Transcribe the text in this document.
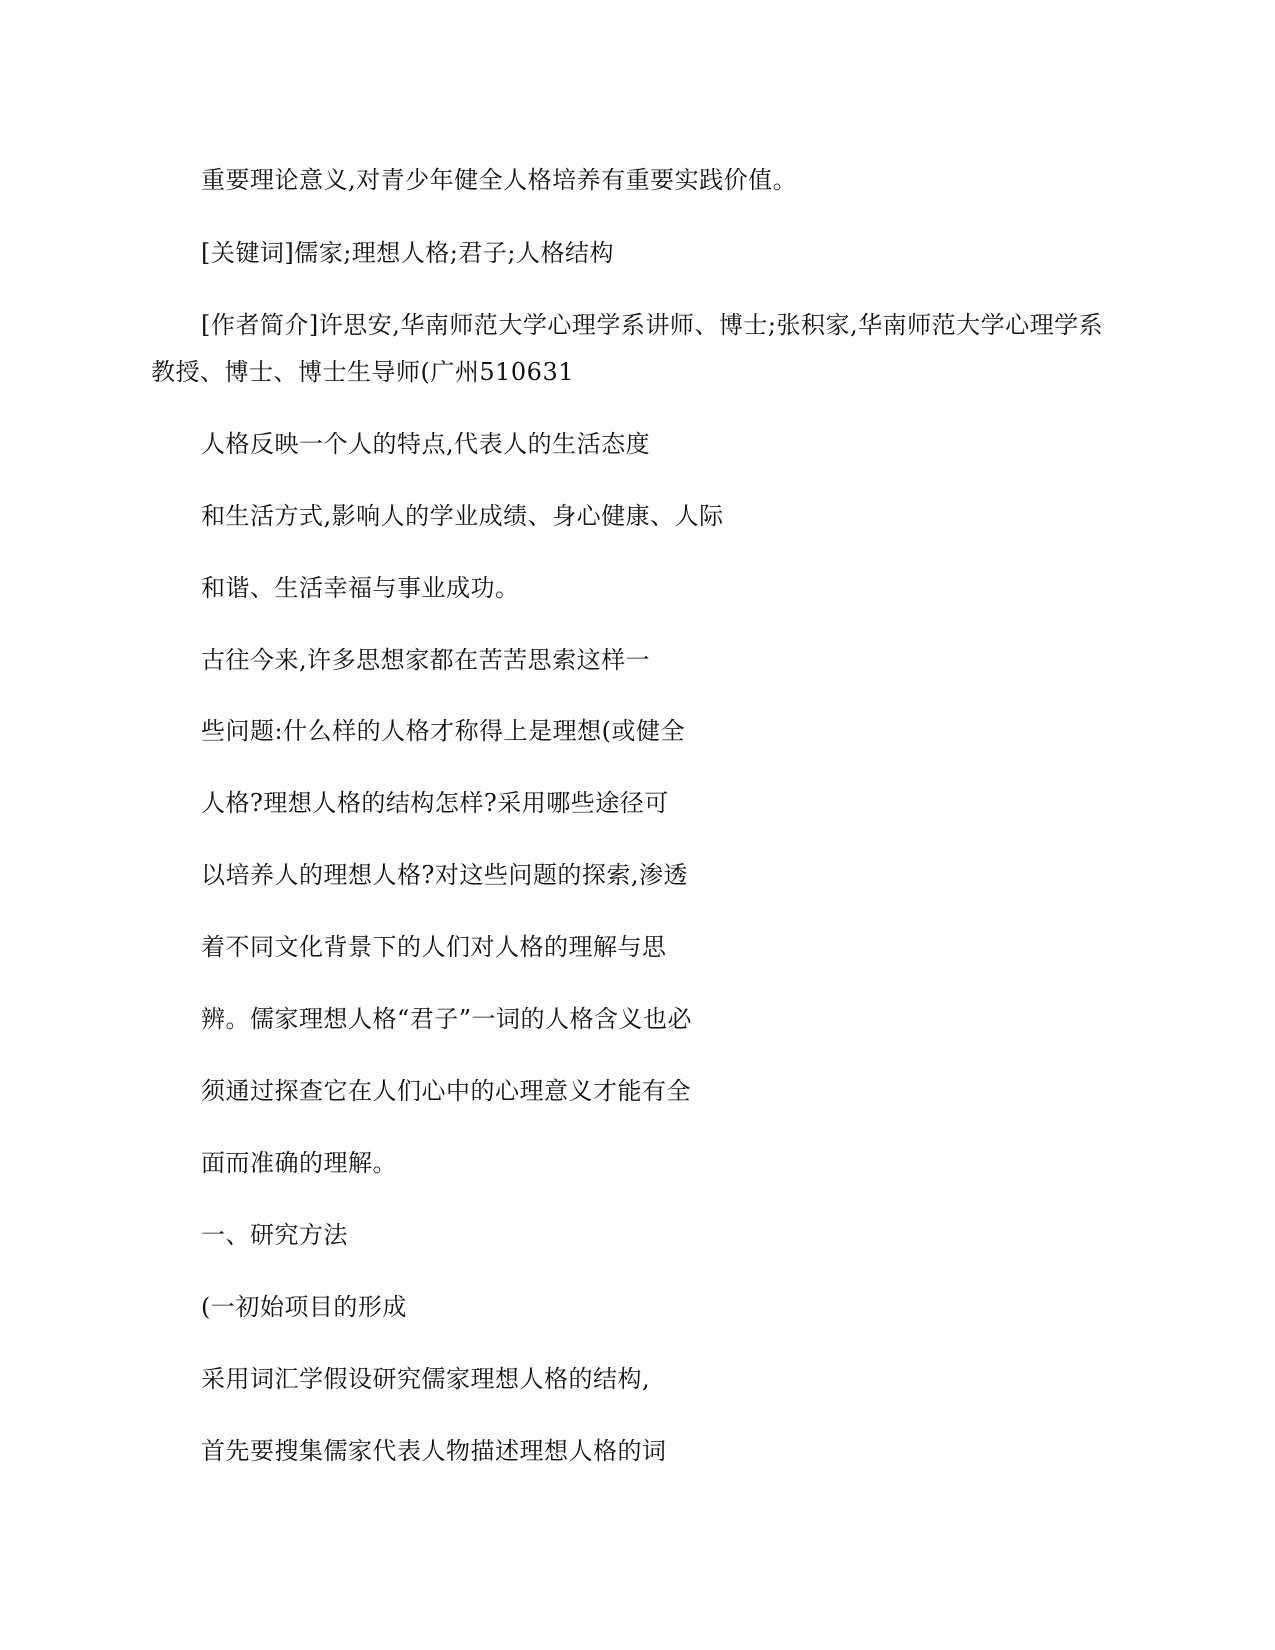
重要理论意义,对青少年健全人格培养有重要实践价值。
[关键词]儒家;理想人格;君子;人格结构
[作者简介]许思安,华南师范大学心理学系讲师、博士;张积家,华南师范大学心理学系
教授、博士、博士生导师(广州510631
人格反映一个人的特点,代表人的生活态度
和生活方式,影响人的学业成绩、身心健康、人际
和谐、生活幸福与事业成功。
古往今来,许多思想家都在苦苦思索这样一
些问题:什么样的人格才称得上是理想(或健全
人格?理想人格的结构怎样?采用哪些途径可
以培养人的理想人格?对这些问题的探索,渗透
着不同文化背景下的人们对人格的理解与思
辨。儒家理想人格“君子”一词的人格含义也必
须通过探查它在人们心中的心理意义才能有全
面而准确的理解。
一、研究方法
(一初始项目的形成
采用词汇学假设研究儒家理想人格的结构,
首先要搜集儒家代表人物描述理想人格的词
